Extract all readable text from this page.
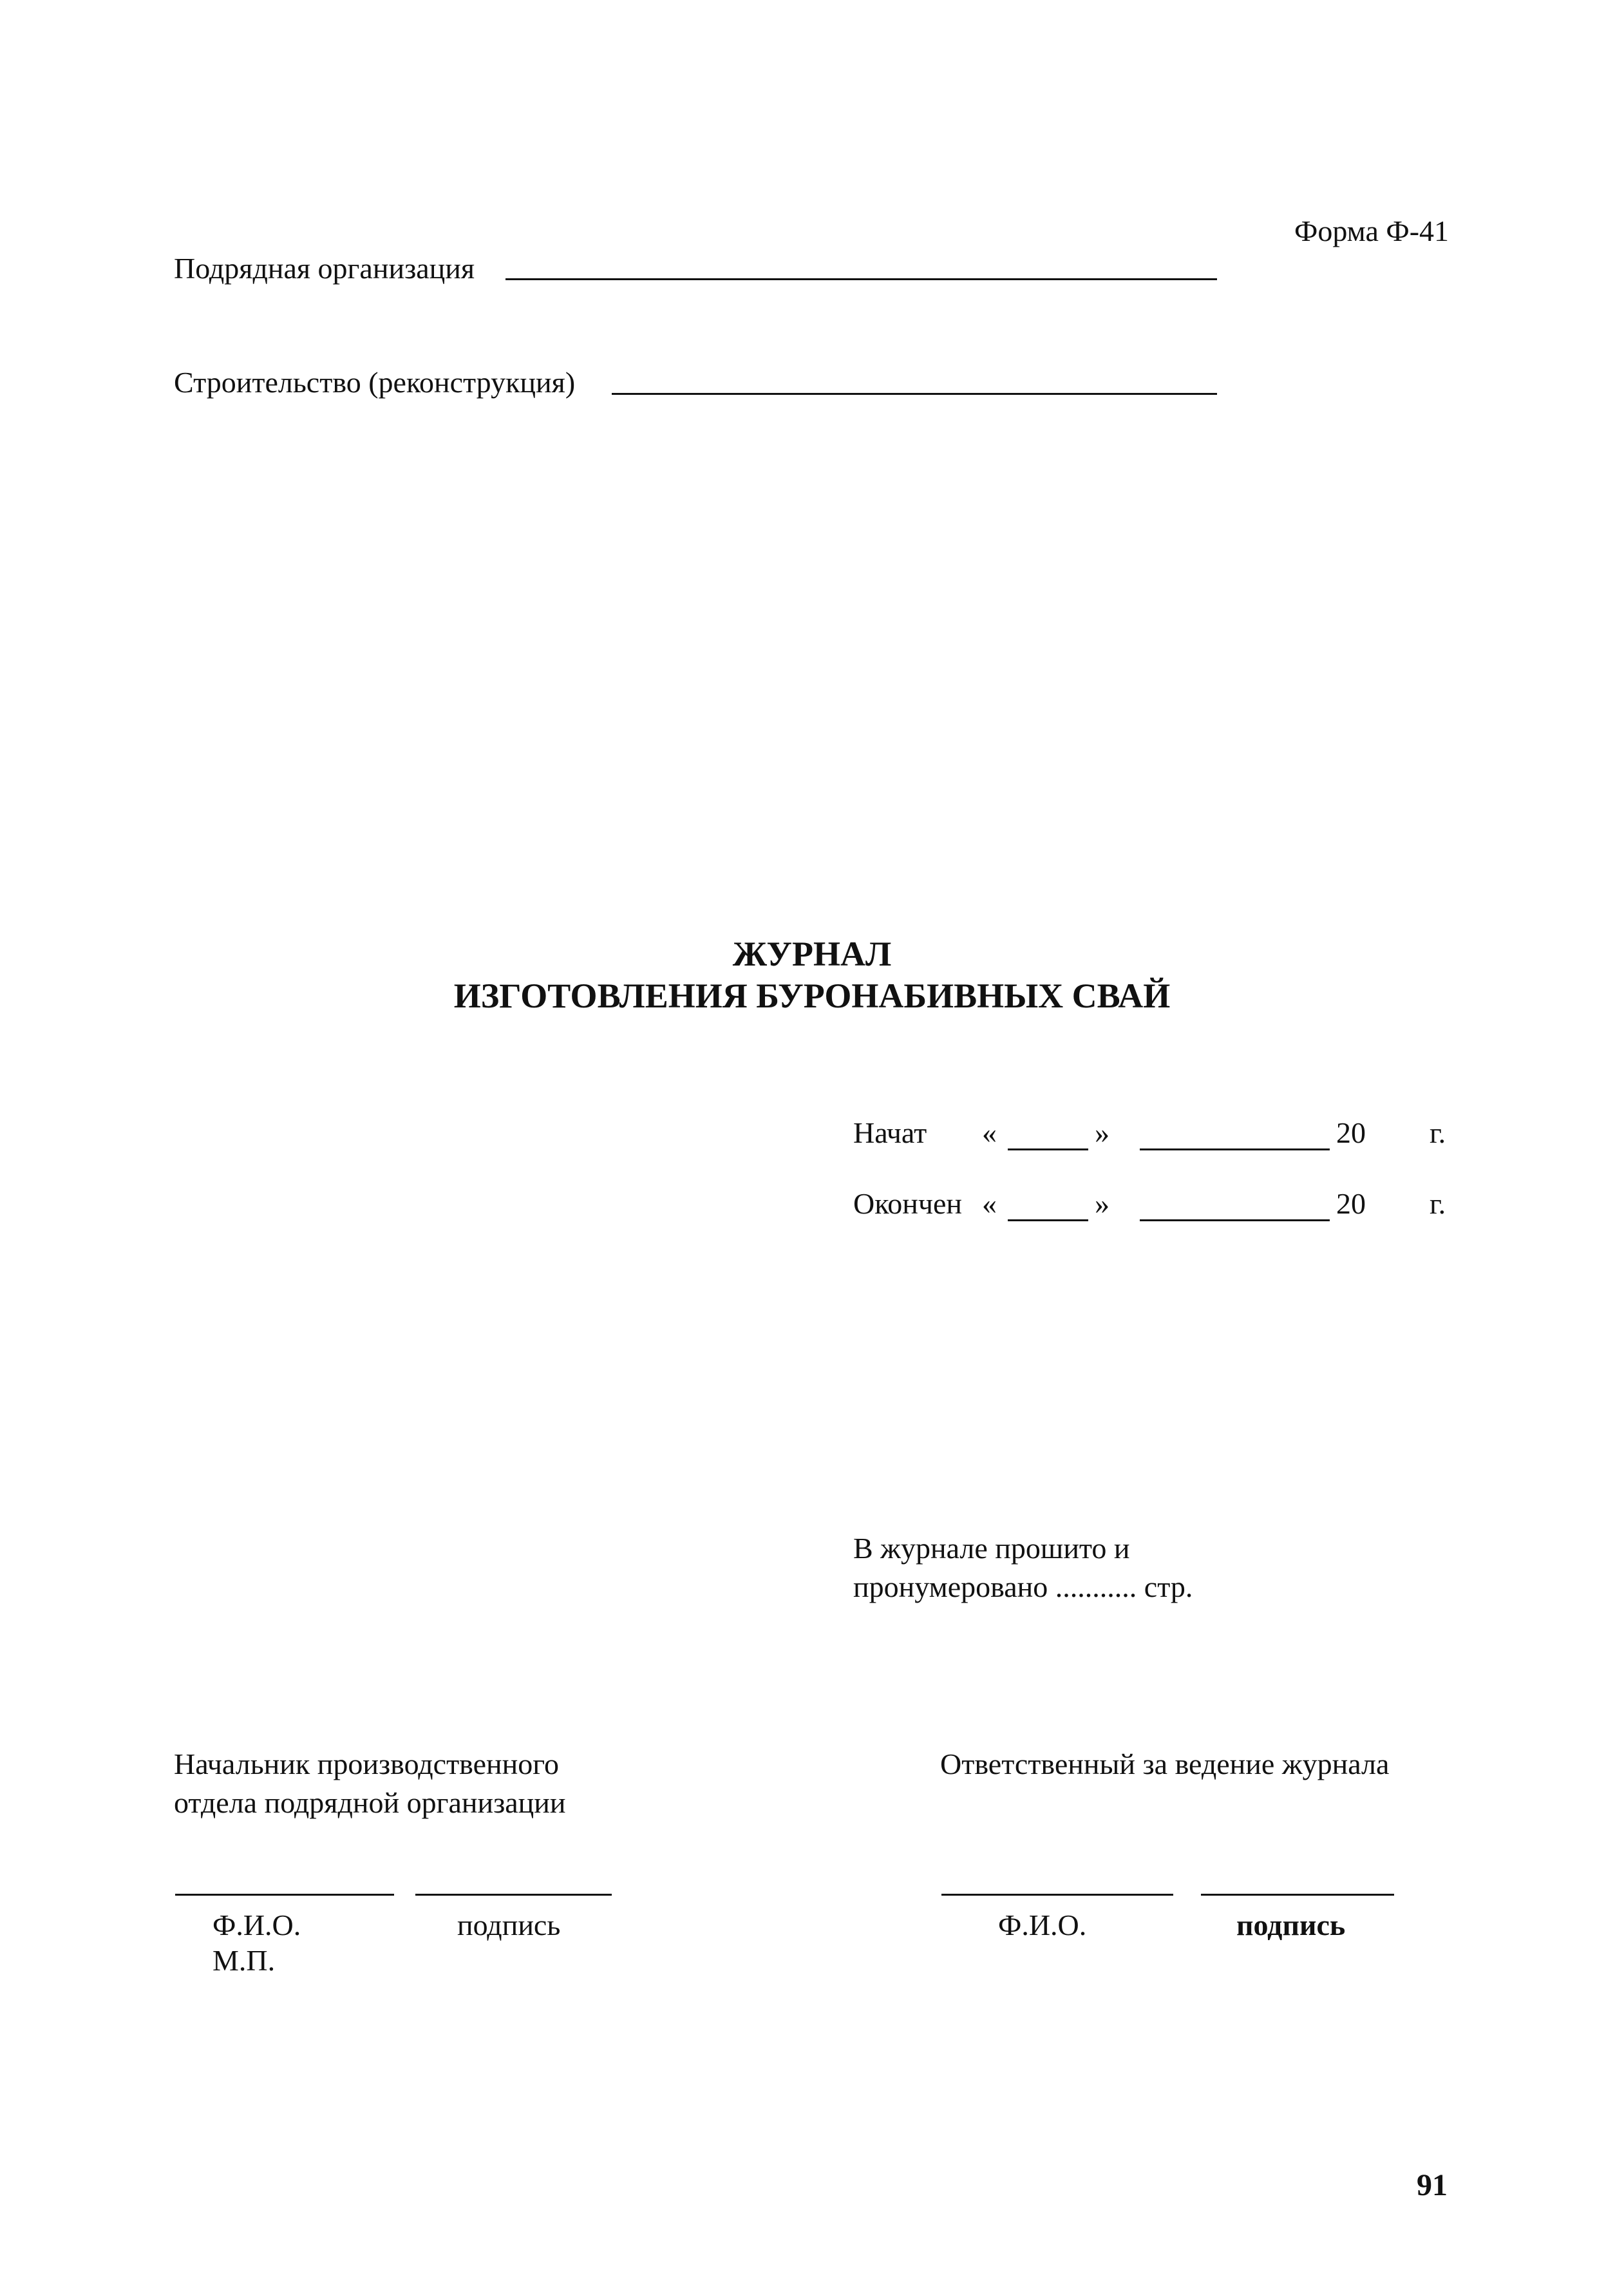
Форма Ф-41
Подрядная организация
Строительство (реконструкция)
ЖУРНАЛ
ИЗГОТОВЛЕНИЯ БУРОНАБИВНЫХ СВАЙ
Начат «	»	20 г.
Окончен «	»	20 г.
В журнале прошито и
пронумеровано ........... стр.
Начальник производственного
отдела подрядной организации
Ф.И.О.	подпись
М.П.
Ответственный за ведение журнала
Ф.И.О.	подпись
91
